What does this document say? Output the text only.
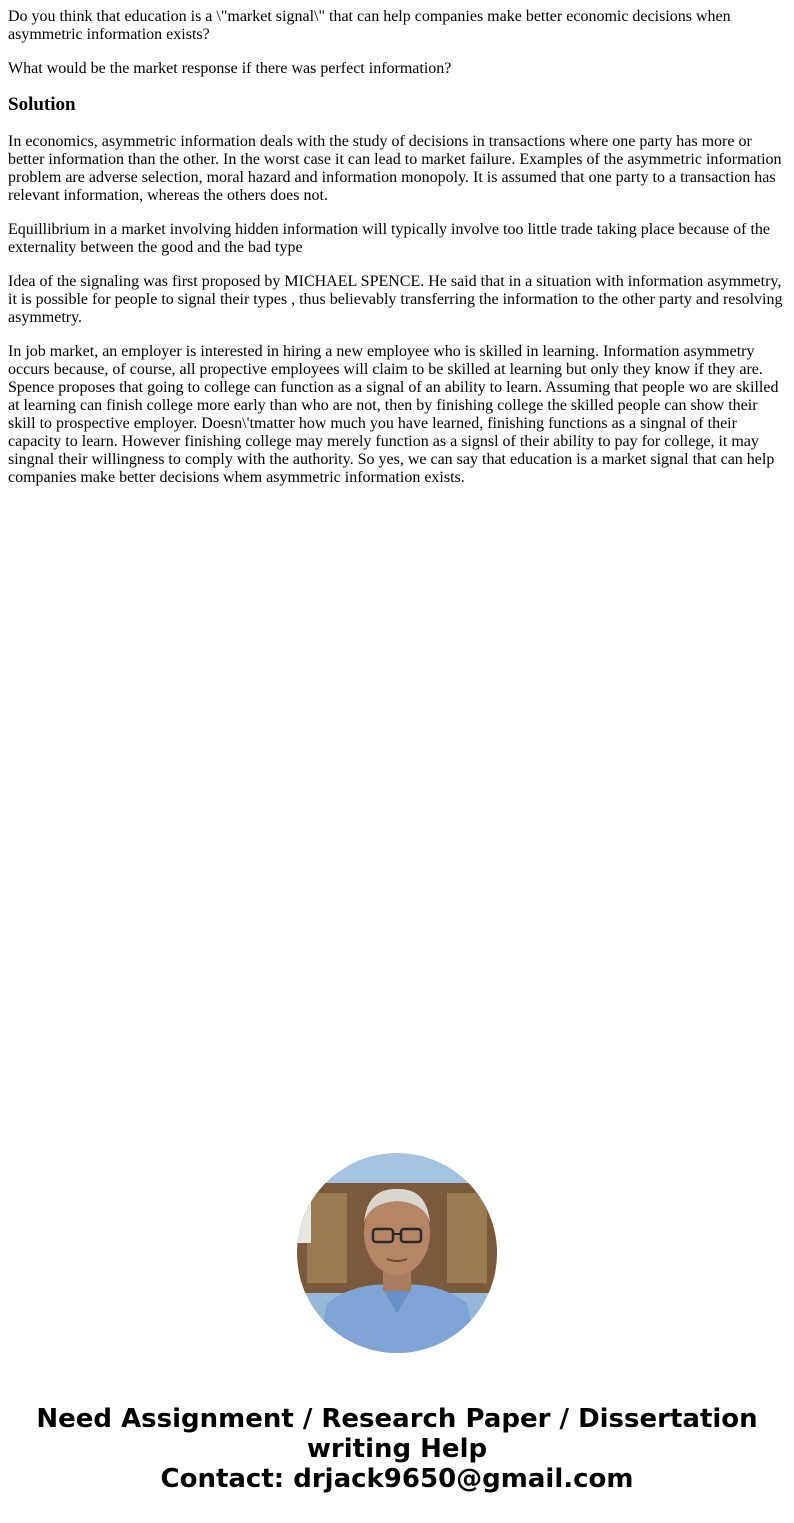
Do you think that education is a \"market signal\" that can help companies make better economic decisions when asymmetric information exists?

What would be the market response if there was perfect information?

Solution

In economics, asymmetric information deals with the study of decisions in transactions where one party has more or better information than the other. In the worst case it can lead to market failure. Examples of the asymmetric information problem are adverse selection, moral hazard and information monopoly. It is assumed that one party to a transaction has relevant information, whereas the others does not.

Equillibrium in a market involving hidden information will typically involve too little trade taking place because of the externality between the good and the bad type

Idea of the signaling was first proposed by MICHAEL SPENCE. He said that in a situation with information asymmetry, it is possible for people to signal their types , thus believably transferring the information to the other party and resolving asymmetry.

In job market, an employer is interested in hiring a new employee who is skilled in learning. Information asymmetry occurs because, of course, all propective employees will claim to be skilled at learning but only they know if they are. Spence proposes that going to college can function as a signal of an ability to learn. Assuming that people wo are skilled at learning can finish college more early than who are not, then by finishing college the skilled people can show their skill to prospective employer. Doesn\'tmatter how much you have learned, finishing functions as a singnal of their capacity to learn. However finishing college may merely function as a signsl of their ability to pay for college, it may singnal their willingness to comply with the authority. So yes, we can say that education is a market signal that can help companies make better decisions whem asymmetric information exists.

Need Assignment / Research Paper / Dissertation
writing Help
Contact: drjack9650@gmail.com
